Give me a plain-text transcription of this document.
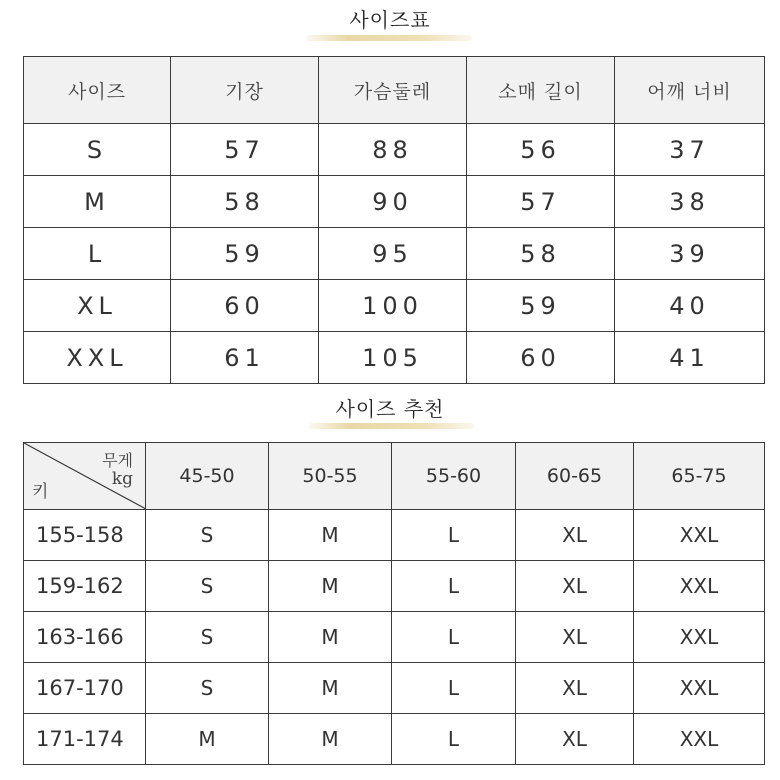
사이즈표
사이즈	기장	가슴둘레	소매 길이	어깨 너비
S	57	88	56	37
M	58	90	57	38
L	59	95	58	39
XL	60	100	59	40
XXL	61	105	60	41
사이즈 추천
무게
kg
키	45-50	50-55	55-60	60-65	65-75
155-158	S	M	L	XL	XXL
159-162	S	M	L	XL	XXL
163-166	S	M	L	XL	XXL
167-170	S	M	L	XL	XXL
171-174	M	M	L	XL	XXL
